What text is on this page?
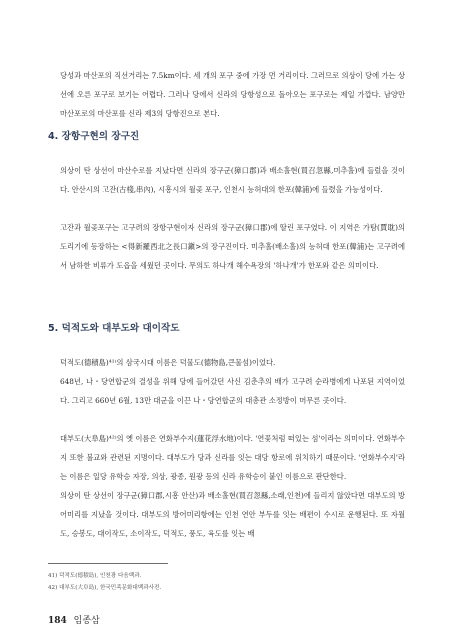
당성과 마산포의 직선거리는 7.5km이다. 세 개의 포구 중에 가장 먼 거리이다. 그러므로 의상이 당에 가는 상선에 오른 포구로 보기는 어렵다. 그러나 당에서 신라의 당항성으로 돌아오는 포구로는 제일 가깝다. 남양만 마산포로의 마산포를 신라 제3의 당항진으로 본다.

4. 장항구현의 장구진

의상이 탄 상선이 마산수로를 지났다면 신라의 장구군(獐口郡)과 배소홀현(買召忽縣,미추홀)에 들렀을 것이다. 안산시의 고잔(古棧,串內), 시흥시의 월곶 포구, 인천시 능허대의 한포(韓浦)에 들렸을 가능성이다.

고잔과 월곶포구는 고구려의 장항구현이자 신라의 장구군(獐口郡)에 딸린 포구였다. 이 지역은 가탐(賈耽)의 도리기에 등장하는 <得新羅西北之長口鎭>의 장구진이다. 미추홀(배소홀)의 능허대 한포(韓浦)는 고구려에서 남하한 비류가 도읍을 세웠던 곳이다. 무의도 하나개 해수욕장의 '하나개'가 한포와 같은 의미이다.

5. 덕적도와 대부도와 대이작도

덕적도(德積島)⁴¹⁾의 삼국시대 이름은 덕물도(德物島,큰물섬)이었다.

648년, 나・당연합군의 결성을 위해 당에 들어갔던 사신 김춘추의 배가 고구려 순라병에게 나포된 지역이었다. 그리고 660년 6월, 13만 대군을 이끈 나・당연합군의 대총관 소정방이 머무른 곳이다.

대부도(大阜島)⁴²⁾의 옛 이름은 연화부수지(蓮花浮水地)이다. '연꽃처럼 떠있는 섬'이라는 의미이다. 연화부수지 또한 불교와 관련된 지명이다. 대부도가 당과 신라를 잇는 대당 항로에 위치하기 때문이다. '연화부수지'라는 이름은 일당 유학승 자장, 의상, 광종, 원광 등의 신라 유학승이 붙인 이름으로 판단한다.

의상이 탄 상선이 장구군(獐口郡,시흥 안산)과 배소홀현(買召忽縣,소래,인천)에 들리지 않았다면 대부도의 방어미리를 지났을 것이다. 대부도의 방어미리항에는 인천 연안 부두를 잇는 배편이 수시로 운행된다. 또 자월도, 승봉도, 대이작도, 소이작도, 덕적도, 풍도, 육도를 잇는 배

41) 덕적도(德積島), 인천광 다음백과.

42) 대부도(大阜島), 한국민족문화대백과사전.

184 임종삼
